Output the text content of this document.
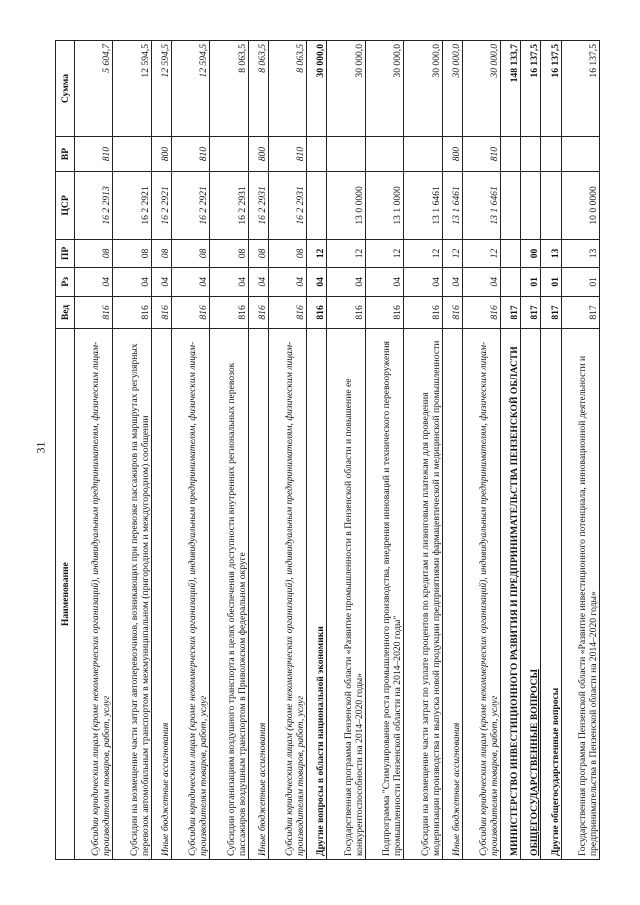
31
Наименование	Вед	Рз	ПР	ЦСР	ВР	Сумма
Субсидии юридическим лицам (кроме некоммерческих организаций), индивидуальным предпринимателям, физическим лицам-производителям товаров, работ, услуг	816	04	08	16 2 2913	810	5 604,7
Субсидии на возмещение части затрат автоперевозчиков, возникающих при перевозке пассажиров на маршрутах регулярных перевозок автомобильным транспортом в межмуниципальном (пригородном и междугородном) сообщении	816	04	08	16 2 2921		12 594,5
Иные бюджетные ассигнования	816	04	08	16 2 2921	800	12 594,5
Субсидии юридическим лицам (кроме некоммерческих организаций), индивидуальным предпринимателям, физическим лицам-производителям товаров, работ, услуг	816	04	08	16 2 2921	810	12 594,5
Субсидии организациям воздушного транспорта в целях обеспечения доступности внутренних региональных перевозок пассажиров воздушным транспортом в Приволжском федеральном округе	816	04	08	16 2 2931		8 063,5
Иные бюджетные ассигнования	816	04	08	16 2 2931	800	8 063,5
Субсидии юридическим лицам (кроме некоммерческих организаций), индивидуальным предпринимателям, физическим лицам-производителям товаров, работ, услуг	816	04	08	16 2 2931	810	8 063,5
Другие вопросы в области национальной экономики	816	04	12			30 000,0
Государственная программа Пензенской области «Развитие промышленности в Пензенской области и повышение ее конкурентоспособности на 2014–2020 годы»	816	04	12	13 0 0000		30 000,0
Подпрограмма "Стимулирование роста промышленного производства, внедрения инноваций и технического перевооружения промышленности Пензенской области на 2014–2020 годы"	816	04	12	13 1 0000		30 000,0
Субсидии на возмещение части затрат по уплате процентов по кредитам и лизинговым платежам для проведения модернизации производства и выпуска новой продукции предприятиями фармацевтической и медицинской промышленности	816	04	12	13 1 6461		30 000,0
Иные бюджетные ассигнования	816	04	12	13 1 6461	800	30 000,0
Субсидии юридическим лицам (кроме некоммерческих организаций), индивидуальным предпринимателям, физическим лицам-производителям товаров, работ, услуг	816	04	12	13 1 6461	810	30 000,0
МИНИСТЕРСТВО ИНВЕСТИЦИОННОГО РАЗВИТИЯ И ПРЕДПРИНИМАТЕЛЬСТВА ПЕНЗЕНСКОЙ ОБЛАСТИ	817					148 133,7
ОБЩЕГОСУДАРСТВЕННЫЕ ВОПРОСЫ	817	01	00			16 137,5
Другие общегосударственные вопросы	817	01	13			16 137,5
Государственная программа Пензенской области «Развитие инвестиционного потенциала, инновационной деятельности и предпринимательства в Пензенской области на 2014–2020 годы»	817	01	13	10 0 0000		16 137,5
